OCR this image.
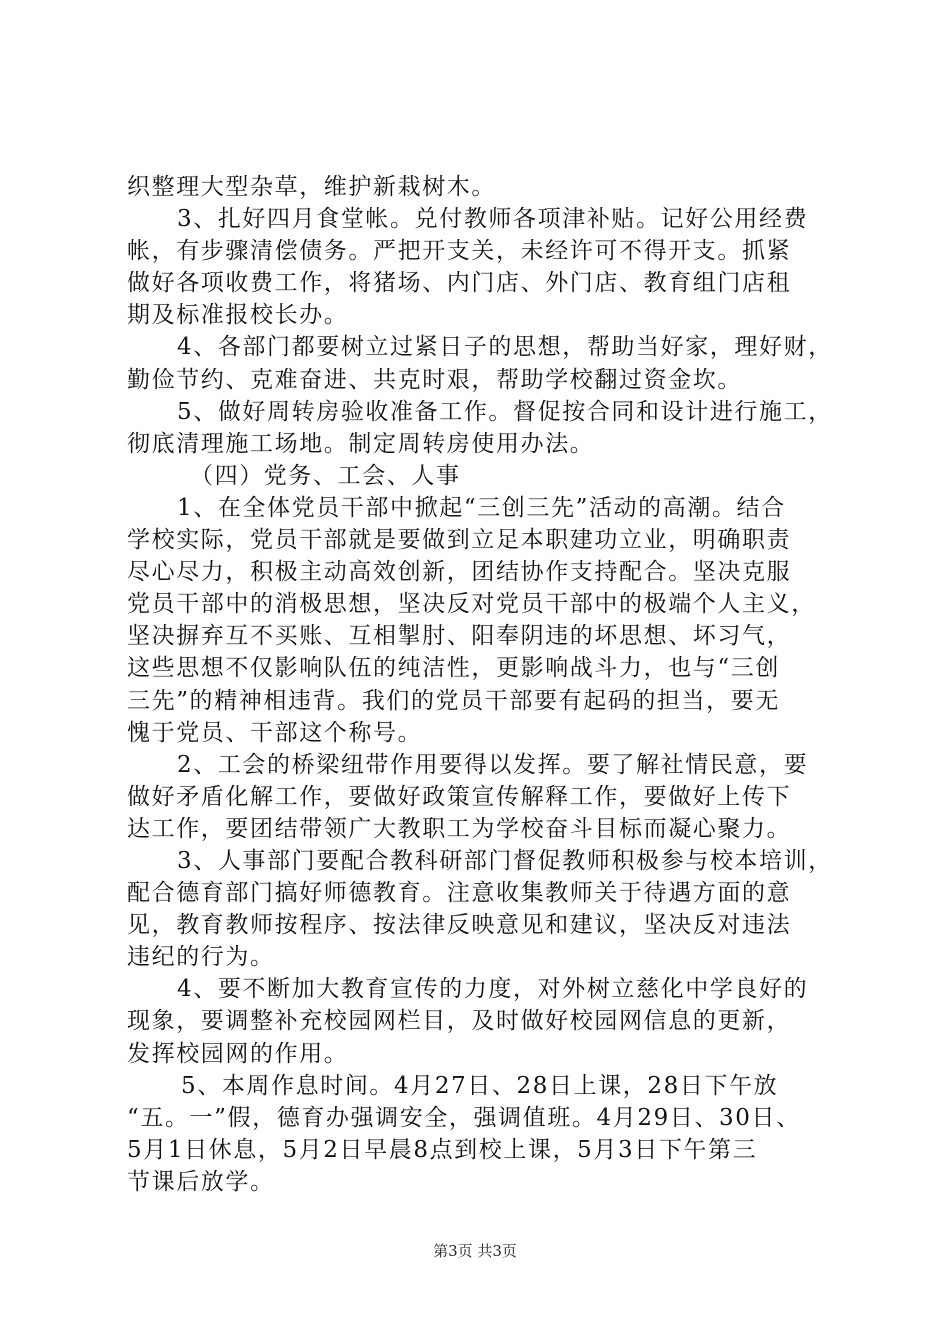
织整理大型杂草，维护新栽树木。
3、扎好四月食堂帐。兑付教师各项津补贴。记好公用经费
帐，有步骤清偿债务。严把开支关，未经许可不得开支。抓紧
做好各项收费工作，将猪场、内门店、外门店、教育组门店租
期及标准报校长办。
4、各部门都要树立过紧日子的思想，帮助当好家，理好财，
勤俭节约、克难奋进、共克时艰，帮助学校翻过资金坎。
5、做好周转房验收准备工作。督促按合同和设计进行施工，
彻底清理施工场地。制定周转房使用办法。
（四）党务、工会、人事
1、在全体党员干部中掀起“三创三先”活动的高潮。结合
学校实际，党员干部就是要做到立足本职建功立业，明确职责
尽心尽力，积极主动高效创新，团结协作支持配合。坚决克服
党员干部中的消极思想，坚决反对党员干部中的极端个人主义，
坚决摒弃互不买账、互相掣肘、阳奉阴违的坏思想、坏习气，
这些思想不仅影响队伍的纯洁性，更影响战斗力，也与“三创
三先”的精神相违背。我们的党员干部要有起码的担当，要无
愧于党员、干部这个称号。
2、工会的桥梁纽带作用要得以发挥。要了解社情民意，要
做好矛盾化解工作，要做好政策宣传解释工作，要做好上传下
达工作，要团结带领广大教职工为学校奋斗目标而凝心聚力。
3、人事部门要配合教科研部门督促教师积极参与校本培训，
配合德育部门搞好师德教育。注意收集教师关于待遇方面的意
见，教育教师按程序、按法律反映意见和建议，坚决反对违法
违纪的行为。
4、要不断加大教育宣传的力度，对外树立慈化中学良好的
现象，要调整补充校园网栏目，及时做好校园网信息的更新，
发挥校园网的作用。
5、本周作息时间。4月27日、28日上课，28日下午放
“五。一”假，德育办强调安全，强调值班。4月29日、30日、
5月1日休息，5月2日早晨8点到校上课，5月3日下午第三
节课后放学。
第3页 共3页
